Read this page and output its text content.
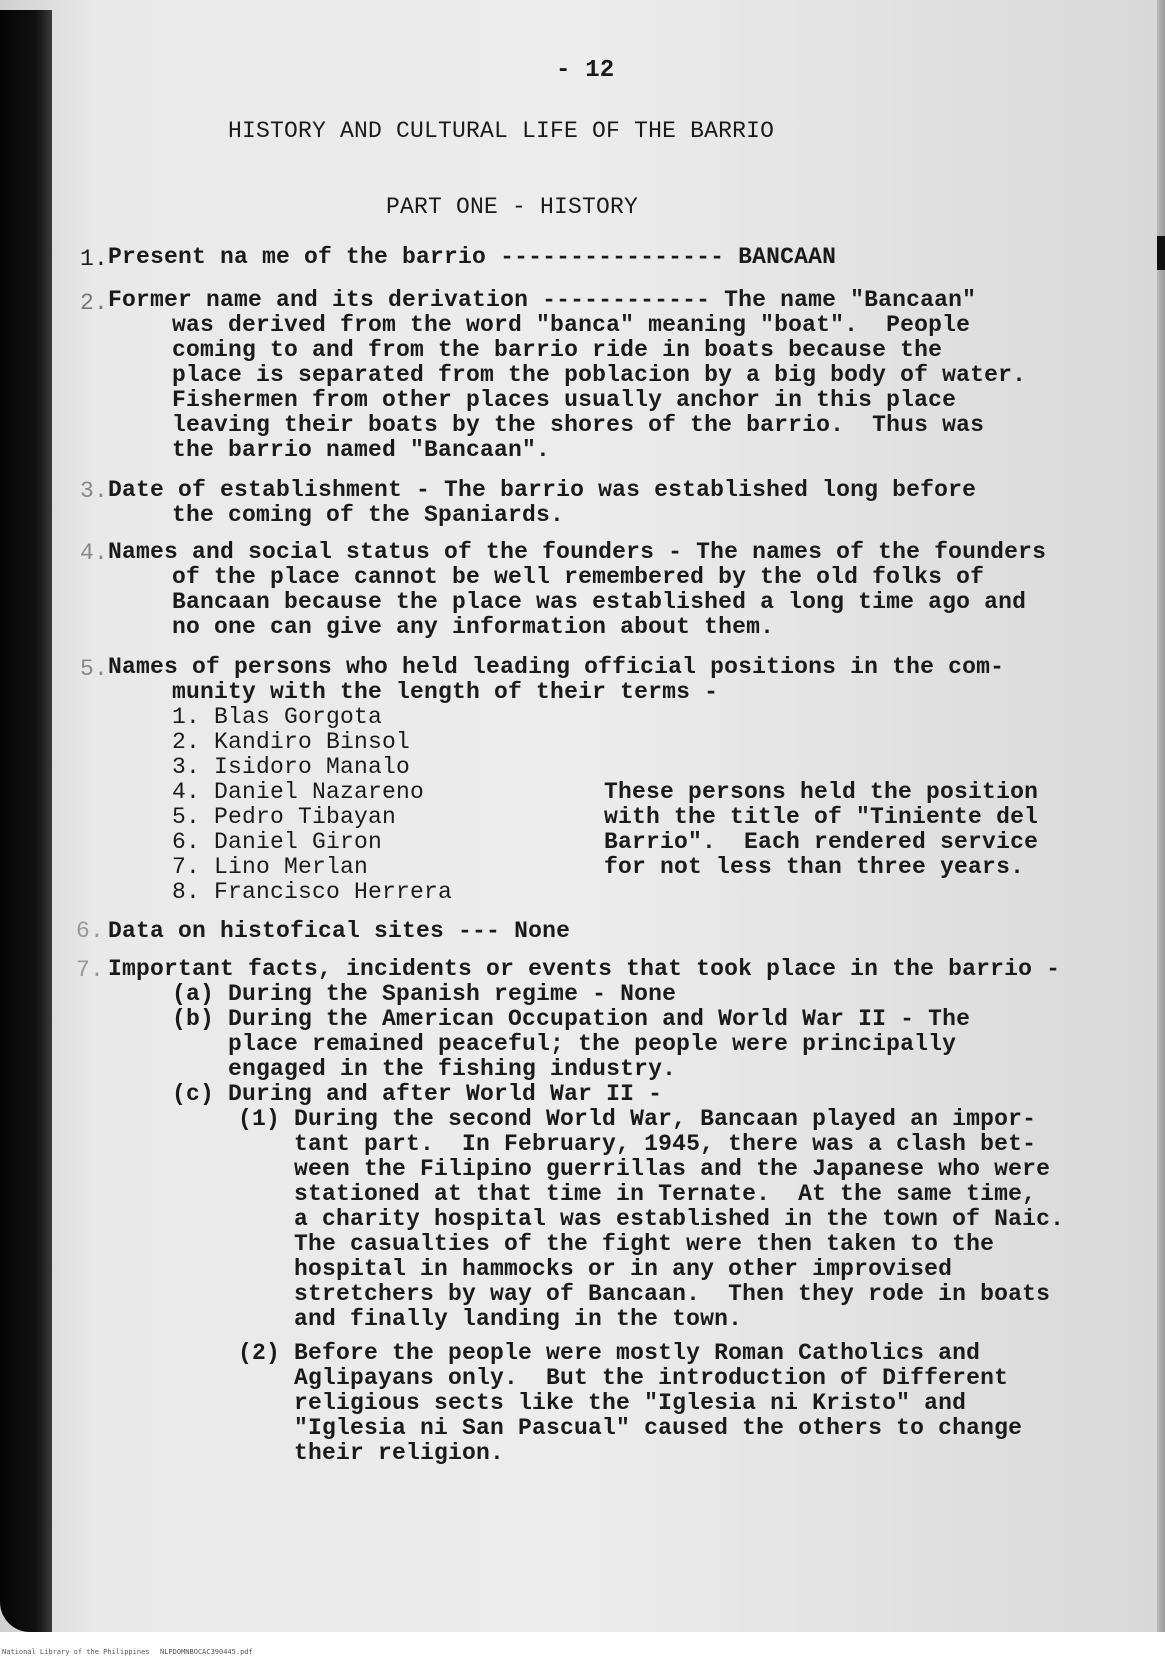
- 12
HISTORY AND CULTURAL LIFE OF THE BARRIO
PART ONE - HISTORY
1. Present na me of the barrio ---------------- BANCAAN
2. Former name and its derivation ------------ The name "Bancaan"
was derived from the word "banca" meaning "boat".  People
coming to and from the barrio ride in boats because the
place is separated from the poblacion by a big body of water.
Fishermen from other places usually anchor in this place
leaving their boats by the shores of the barrio.  Thus was
the barrio named "Bancaan".
3. Date of establishment - The barrio was established long before
the coming of the Spaniards.
4. Names and social status of the founders - The names of the founders
of the place cannot be well remembered by the old folks of
Bancaan because the place was established a long time ago and
no one can give any information about them.
5. Names of persons who held leading official positions in the com-
munity with the length of their terms -
1. Blas Gorgota
2. Kandiro Binsol
3. Isidoro Manalo
4. Daniel Nazareno
5. Pedro Tibayan
6. Daniel Giron
7. Lino Merlan
8. Francisco Herrera
These persons held the position
with the title of "Tiniente del
Barrio".  Each rendered service
for not less than three years.
6. Data on histofical sites --- None
7. Important facts, incidents or events that took place in the barrio -
(a) During the Spanish regime - None
(b) During the American Occupation and World War II - The
place remained peaceful; the people were principally
engaged in the fishing industry.
(c) During and after World War II -
(1) During the second World War, Bancaan played an impor-
tant part.  In February, 1945, there was a clash bet-
ween the Filipino guerrillas and the Japanese who were
stationed at that time in Ternate.  At the same time,
a charity hospital was established in the town of Naic.
The casualties of the fight were then taken to the
hospital in hammocks or in any other improvised
stretchers by way of Bancaan.  Then they rode in boats
and finally landing in the town.
(2) Before the people were mostly Roman Catholics and
Aglipayans only.  But the introduction of Different
religious sects like the "Iglesia ni Kristo" and
"Iglesia ni San Pascual" caused the others to change
their religion.
National Library of the Philippines NLPDOMNBOCAC390445.pdf
